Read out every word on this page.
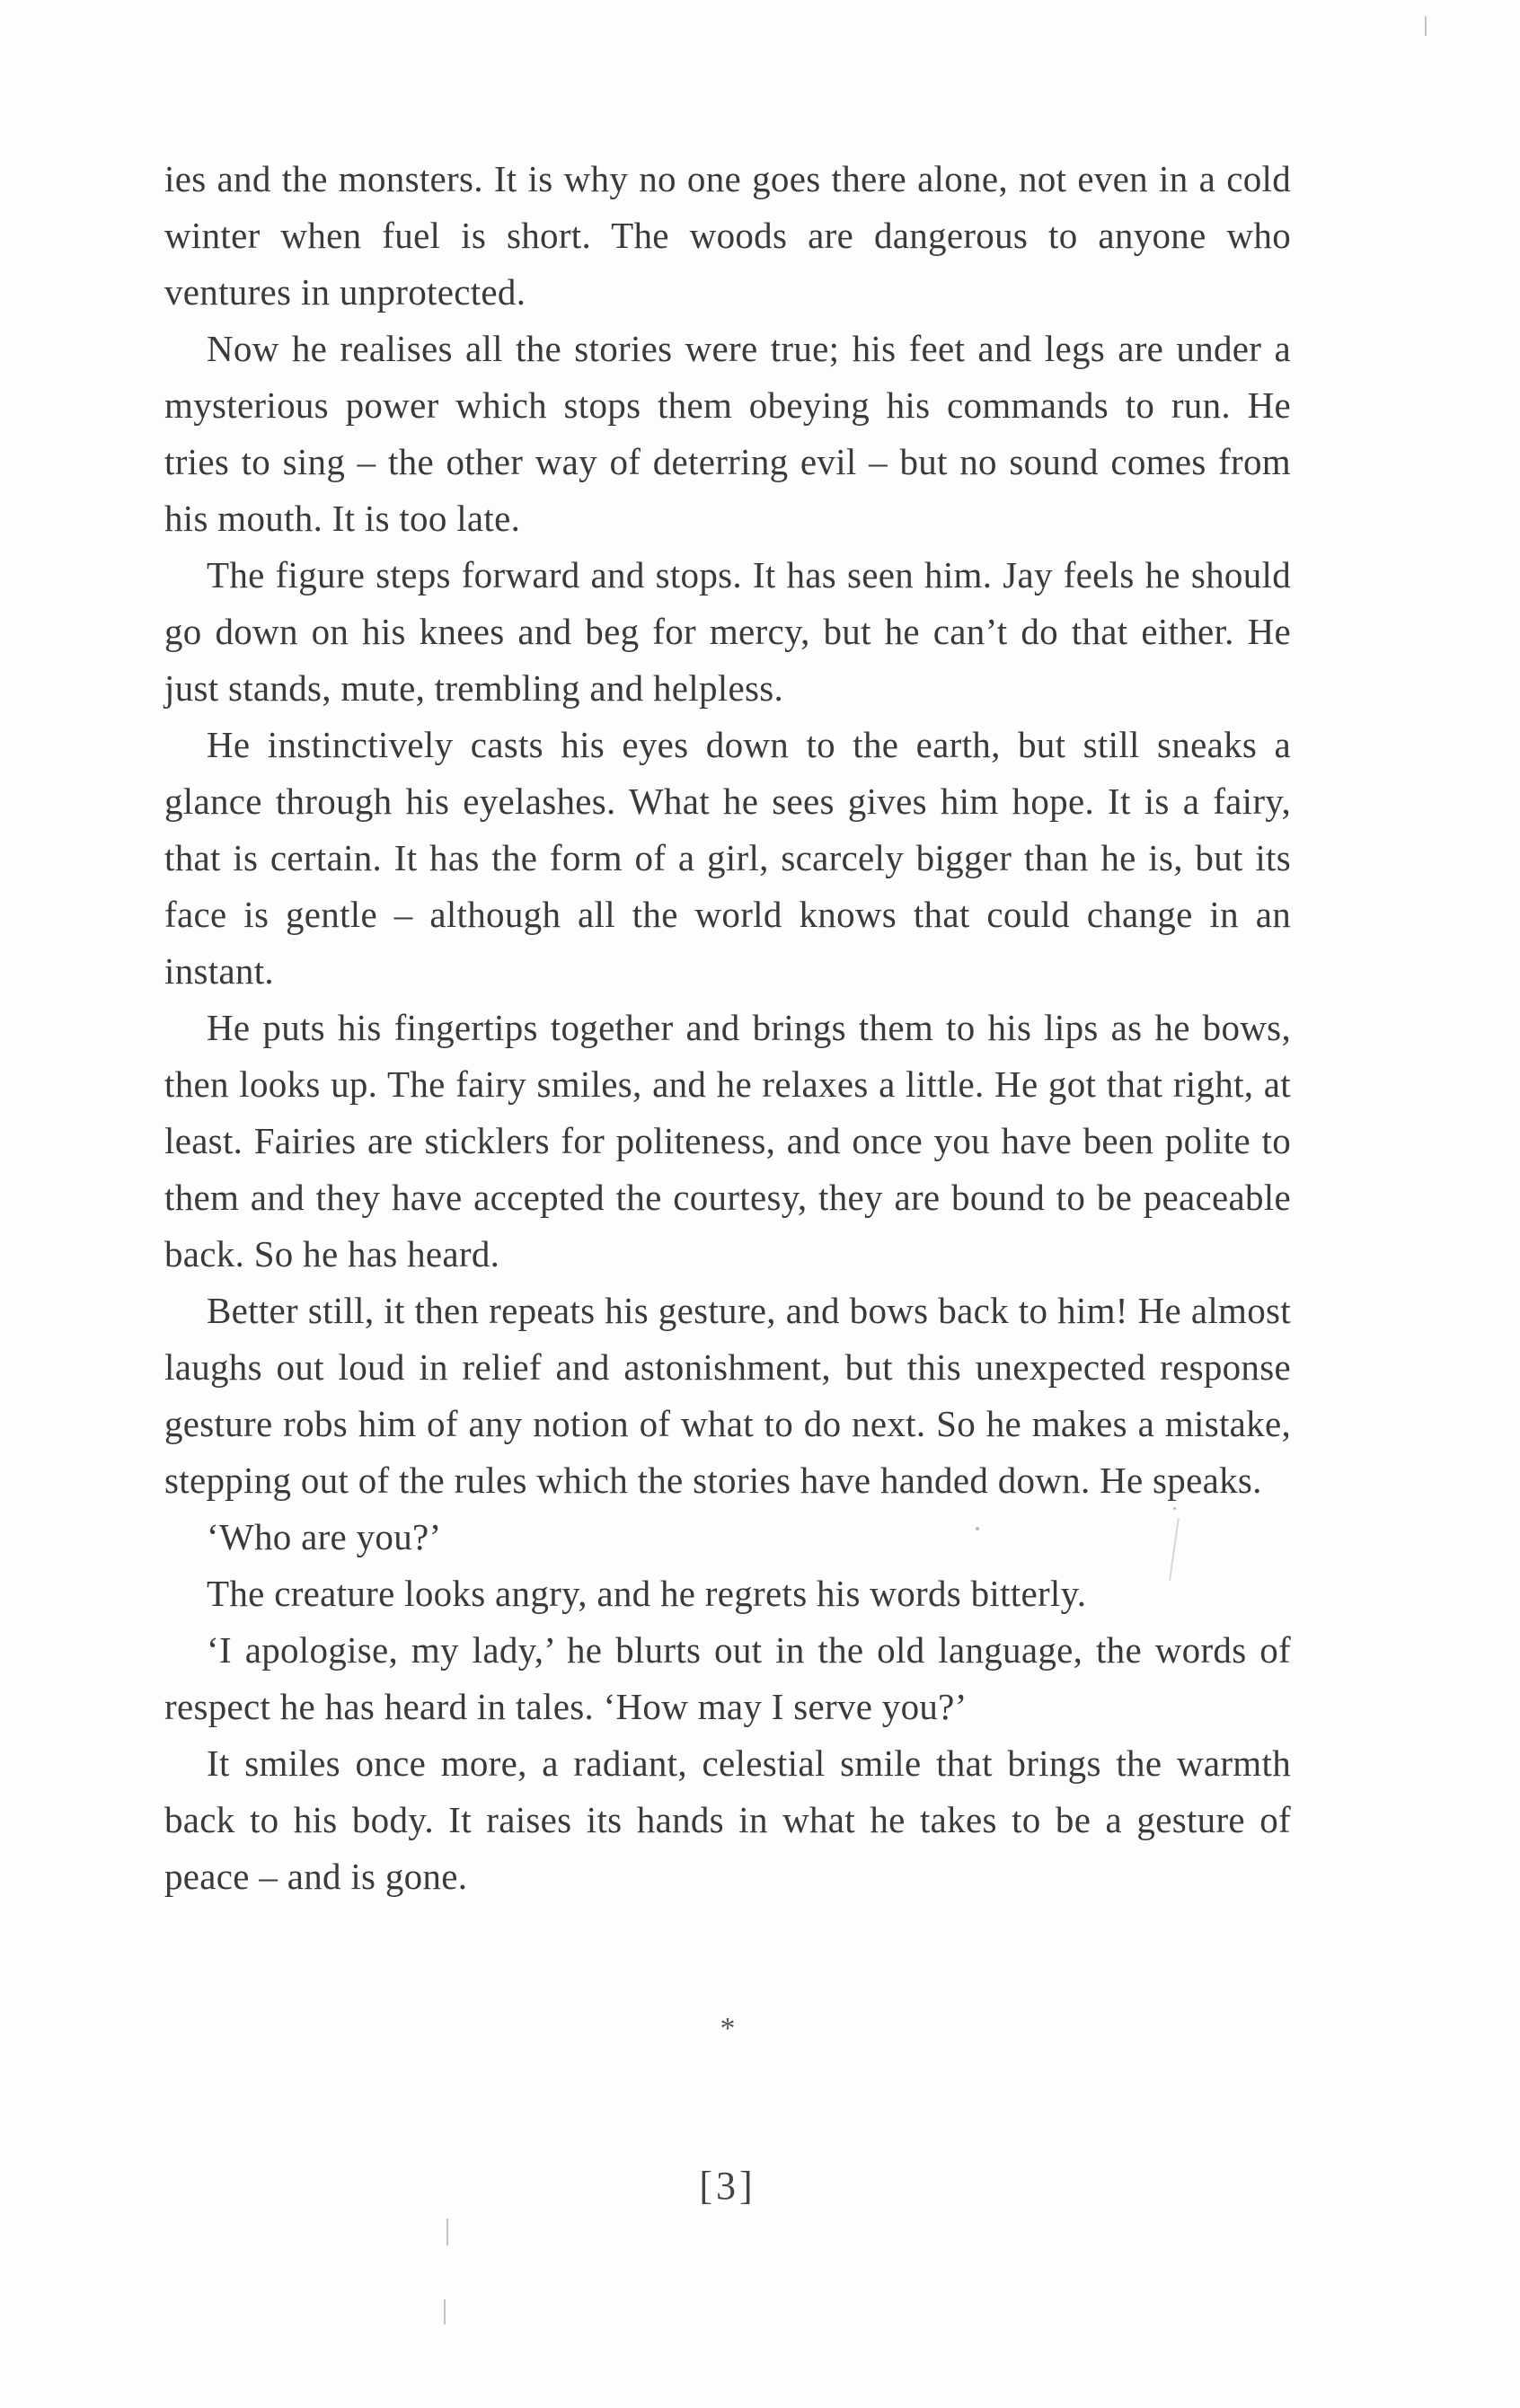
ies and the monsters. It is why no one goes there alone, not even in a cold winter when fuel is short. The woods are dangerous to anyone who ventures in unprotected.

Now he realises all the stories were true; his feet and legs are under a mysterious power which stops them obeying his commands to run. He tries to sing – the other way of deterring evil – but no sound comes from his mouth. It is too late.

The figure steps forward and stops. It has seen him. Jay feels he should go down on his knees and beg for mercy, but he can’t do that either. He just stands, mute, trembling and helpless.

He instinctively casts his eyes down to the earth, but still sneaks a glance through his eyelashes. What he sees gives him hope. It is a fairy, that is certain. It has the form of a girl, scarcely bigger than he is, but its face is gentle – although all the world knows that could change in an instant.

He puts his fingertips together and brings them to his lips as he bows, then looks up. The fairy smiles, and he relaxes a little. He got that right, at least. Fairies are sticklers for politeness, and once you have been polite to them and they have accepted the courtesy, they are bound to be peaceable back. So he has heard.

Better still, it then repeats his gesture, and bows back to him! He almost laughs out loud in relief and astonishment, but this unexpected response gesture robs him of any notion of what to do next. So he makes a mistake, stepping out of the rules which the stories have handed down. He speaks.

‘Who are you?’

The creature looks angry, and he regrets his words bitterly.

‘I apologise, my lady,’ he blurts out in the old language, the words of respect he has heard in tales. ‘How may I serve you?’

It smiles once more, a radiant, celestial smile that brings the warmth back to his body. It raises its hands in what he takes to be a gesture of peace – and is gone.

*
[3]
